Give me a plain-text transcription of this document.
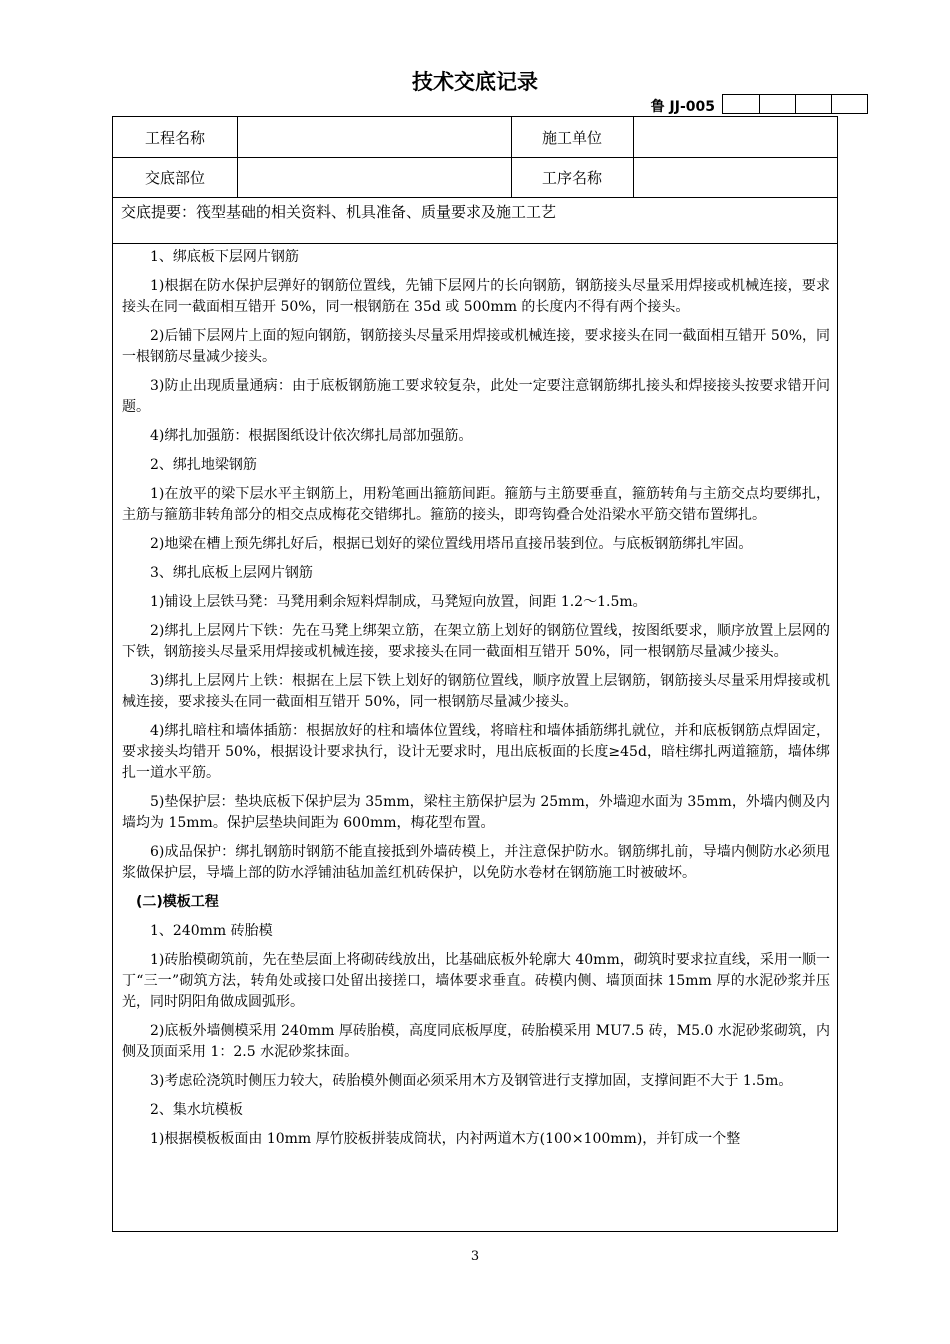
技术交底记录
鲁 JJ-005
工程名称	施工单位
交底部位	工序名称
交底提要：筏型基础的相关资料、机具准备、质量要求及施工工艺
1、绑底板下层网片钢筋
1)根据在防水保护层弹好的钢筋位置线，先铺下层网片的长向钢筋，钢筋接头尽量采用焊接或机械连接，要求接头在同一截面相互错开 50%，同一根钢筋在 35d 或 500mm 的长度内不得有两个接头。
2)后铺下层网片上面的短向钢筋，钢筋接头尽量采用焊接或机械连接，要求接头在同一截面相互错开 50%，同一根钢筋尽量减少接头。
3)防止出现质量通病：由于底板钢筋施工要求较复杂，此处一定要注意钢筋绑扎接头和焊接接头按要求错开问题。
4)绑扎加强筋：根据图纸设计依次绑扎局部加强筋。
2、绑扎地梁钢筋
1)在放平的梁下层水平主钢筋上，用粉笔画出箍筋间距。箍筋与主筋要垂直，箍筋转角与主筋交点均要绑扎，主筋与箍筋非转角部分的相交点成梅花交错绑扎。箍筋的接头，即弯钩叠合处沿梁水平筋交错布置绑扎。
2)地梁在槽上预先绑扎好后，根据已划好的梁位置线用塔吊直接吊装到位。与底板钢筋绑扎牢固。
3、绑扎底板上层网片钢筋
1)铺设上层铁马凳：马凳用剩余短料焊制成，马凳短向放置，间距 1.2～1.5m。
2)绑扎上层网片下铁：先在马凳上绑架立筋，在架立筋上划好的钢筋位置线，按图纸要求，顺序放置上层网的下铁，钢筋接头尽量采用焊接或机械连接，要求接头在同一截面相互错开 50%，同一根钢筋尽量减少接头。
3)绑扎上层网片上铁：根据在上层下铁上划好的钢筋位置线，顺序放置上层钢筋，钢筋接头尽量采用焊接或机械连接，要求接头在同一截面相互错开 50%，同一根钢筋尽量减少接头。
4)绑扎暗柱和墙体插筋：根据放好的柱和墙体位置线，将暗柱和墙体插筋绑扎就位，并和底板钢筋点焊固定，要求接头均错开 50%，根据设计要求执行，设计无要求时，甩出底板面的长度≥45d，暗柱绑扎两道箍筋，墙体绑扎一道水平筋。
5)垫保护层：垫块底板下保护层为 35mm，梁柱主筋保护层为 25mm，外墙迎水面为 35mm，外墙内侧及内墙均为 15mm。保护层垫块间距为 600mm，梅花型布置。
6)成品保护：绑扎钢筋时钢筋不能直接抵到外墙砖模上，并注意保护防水。钢筋绑扎前，导墙内侧防水必须甩浆做保护层，导墙上部的防水浮铺油毡加盖红机砖保护，以免防水卷材在钢筋施工时被破坏。
(二)模板工程
1、240mm 砖胎模
1)砖胎模砌筑前，先在垫层面上将砌砖线放出，比基础底板外轮廓大 40mm，砌筑时要求拉直线，采用一顺一丁“三一”砌筑方法，转角处或接口处留出接搓口，墙体要求垂直。砖模内侧、墙顶面抹 15mm 厚的水泥砂浆并压光，同时阴阳角做成圆弧形。
2)底板外墙侧模采用 240mm 厚砖胎模，高度同底板厚度，砖胎模采用 MU7.5 砖，M5.0 水泥砂浆砌筑，内侧及顶面采用 1：2.5 水泥砂浆抹面。
3)考虑砼浇筑时侧压力较大，砖胎模外侧面必须采用木方及钢管进行支撑加固，支撑间距不大于 1.5m。
2、集水坑模板
1)根据模板板面由 10mm 厚竹胶板拼装成筒状，内衬两道木方(100×100mm)，并钉成一个整
3
